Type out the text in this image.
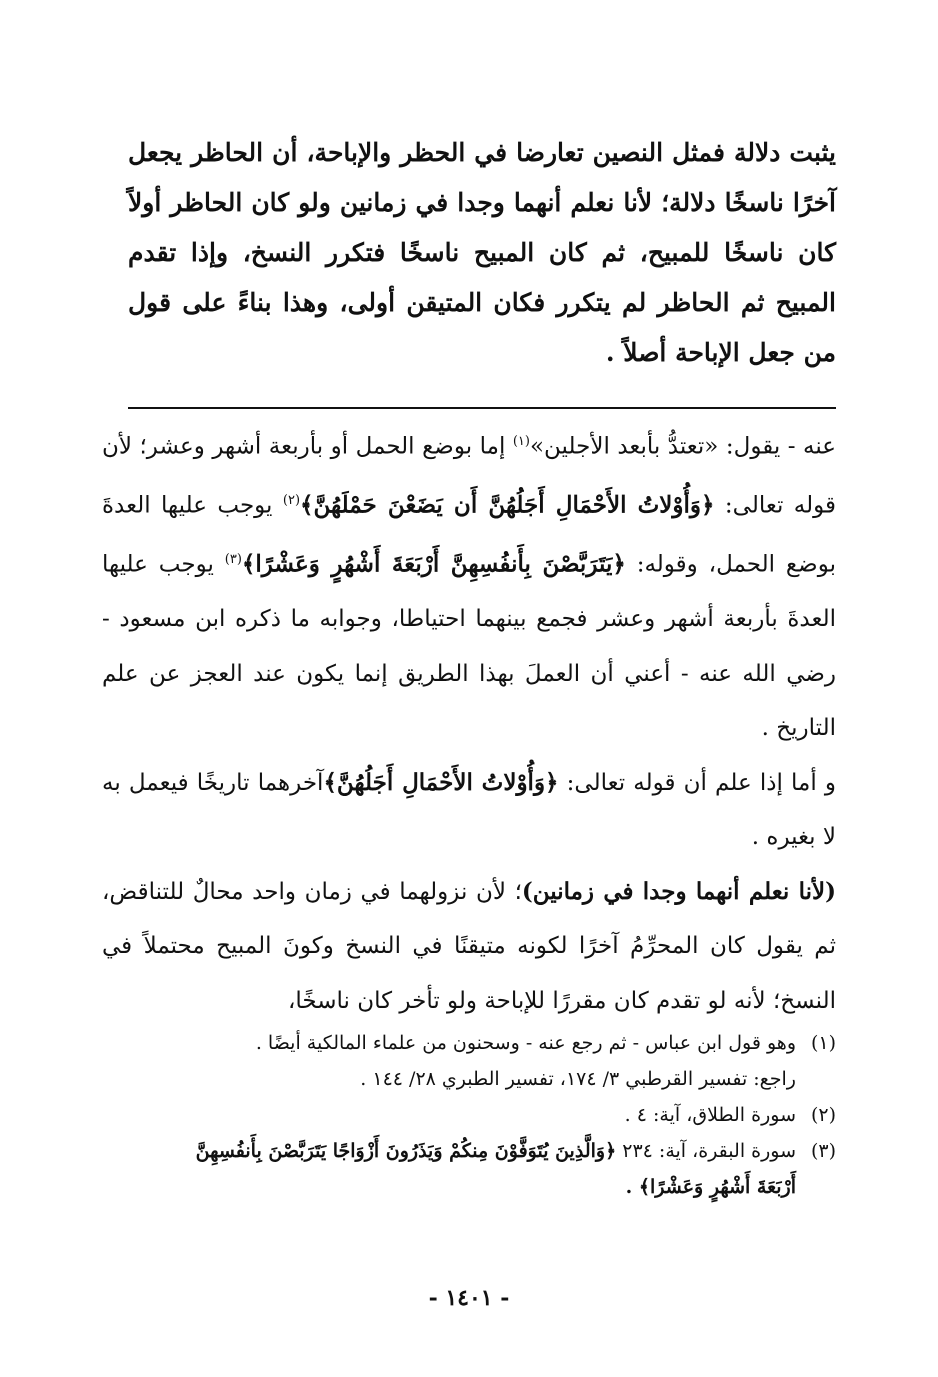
يثبت دلالة فمثل النصين تعارضا في الحظر والإباحة، أن الحاظر يجعل آخرًا ناسخًا دلالة؛ لأنا نعلم أنهما وجدا في زمانين ولو كان الحاظر أولاً كان ناسخًا للمبيح، ثم كان المبيح ناسخًا فتكرر النسخ، وإذا تقدم المبيح ثم الحاظر لم يتكرر فكان المتيقن أولى، وهذا بناءً على قول من جعل الإباحة أصلاً .

عنه - يقول: «تعتدُّ بأبعد الأجلين»$^{(١)}$ إما بوضع الحمل أو بأربعة أشهر وعشر؛ لأن قوله تعالى: ﴿وَأُوْلاتُ الأَحْمَالِ أَجَلُهُنَّ أَن يَضَعْنَ حَمْلَهُنَّ﴾$^{(٢)}$ يوجب عليها العدةَ بوضع الحمل، وقوله: ﴿يَتَرَبَّصْنَ بِأَنفُسِهِنَّ أَرْبَعَةَ أَشْهُرٍ وَعَشْرًا﴾$^{(٣)}$ يوجب عليها العدةَ بأربعة أشهر وعشر فجمع بينهما احتياطا، وجوابه ما ذكره ابن مسعود - رضي الله عنه - أعني أن العملَ بهذا الطريق إنما يكون عند العجز عن علم التاريخ .

و أما إذا علم أن قوله تعالى: ﴿وَأُوْلاتُ الأَحْمَالِ أَجَلُهُنَّ﴾آخرهما تاريخًا فيعمل به لا بغيره .

(لأنا نعلم أنهما وجدا في زمانين)؛ لأن نزولهما في زمان واحد محالٌ للتناقض، ثم يقول كان المحرِّمُ آخرًا لكونه متيقنًا في النسخ وكونَ المبيح محتملاً في النسخ؛ لأنه لو تقدم كان مقررًا للإباحة ولو تأخر كان ناسخًا،

(١)وهو قول ابن عباس - ثم رجع عنه - وسحنون من علماء المالكية أيضًا .

راجع: تفسير القرطبي ٣/ ١٧٤، تفسير الطبري ٢٨/ ١٤٤ .

(٢)سورة الطلاق، آية: ٤ .

(٣)سورة البقرة، آية: ٢٣٤ ﴿وَالَّذِينَ يُتَوَفَّوْنَ مِنكُمْ وَيَذَرُونَ أَزْوَاجًا يَتَرَبَّصْنَ بِأَنفُسِهِنَّ

أَرْبَعَةَ أَشْهُرٍ وَعَشْرًا﴾ .

- ١٤٠١ -
